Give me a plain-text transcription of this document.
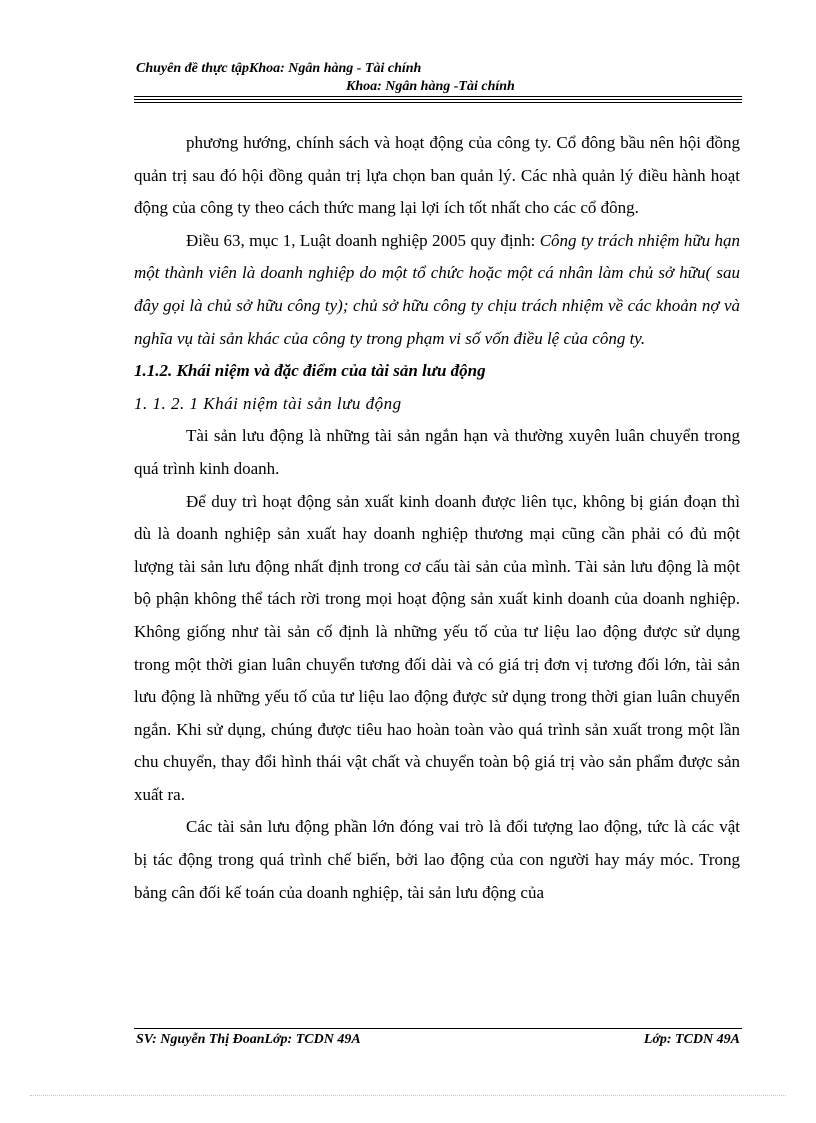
Chuyên đề thực tậpKhoa: Ngân hàng - Tài chính
Khoa: Ngân hàng -Tài chính

phương hướng, chính sách và hoạt động của công ty. Cổ đông bầu nên hội đồng quản trị sau đó hội đồng quản trị lựa chọn ban quản lý. Các nhà quản lý điều hành hoạt động của công ty theo cách thức mang lại lợi ích tốt nhất cho các cổ đông.

Điều 63, mục 1, Luật doanh nghiệp 2005 quy định: Công ty trách nhiệm hữu hạn một thành viên là doanh nghiệp do một tổ chức hoặc một cá nhân làm chủ sở hữu( sau đây gọi là chủ sở hữu công ty); chủ sở hữu công ty chịu trách nhiệm về các khoản nợ và nghĩa vụ tài sản khác của công ty trong phạm vi số vốn điều lệ của công ty.

1.1.2. Khái niệm và đặc điểm của tài sản lưu động

1. 1. 2. 1 Khái niệm tài sản lưu động

Tài sản lưu động là những tài sản ngắn hạn và thường xuyên luân chuyển trong quá trình kinh doanh.

Để duy trì hoạt động sản xuất kinh doanh được liên tục, không bị gián đoạn thì dù là doanh nghiệp sản xuất hay doanh nghiệp thương mại cũng cần phải có đủ một lượng tài sản lưu động nhất định trong cơ cấu tài sản của mình. Tài sản lưu động là một bộ phận không thể tách rời trong mọi hoạt động sản xuất kinh doanh của doanh nghiệp. Không giống như tài sản cố định là những yếu tố của tư liệu lao động được sử dụng trong một thời gian luân chuyển tương đối dài và có giá trị đơn vị tương đối lớn, tài sản lưu động là những yếu tố của tư liệu lao động được sử dụng trong thời gian luân chuyển ngắn. Khi sử dụng, chúng được tiêu hao hoàn toàn vào quá trình sản xuất trong một lần chu chuyển, thay đổi hình thái vật chất và chuyển toàn bộ giá trị vào sản phẩm được sản xuất ra.

Các tài sản lưu động phần lớn đóng vai trò là đối tượng lao động, tức là các vật bị tác động trong quá trình chế biến, bởi lao động của con người hay máy móc. Trong bảng cân đối kế toán của doanh nghiệp, tài sản lưu động của

SV: Nguyễn Thị ĐoanLớp: TCDN 49A	Lớp: TCDN 49A
